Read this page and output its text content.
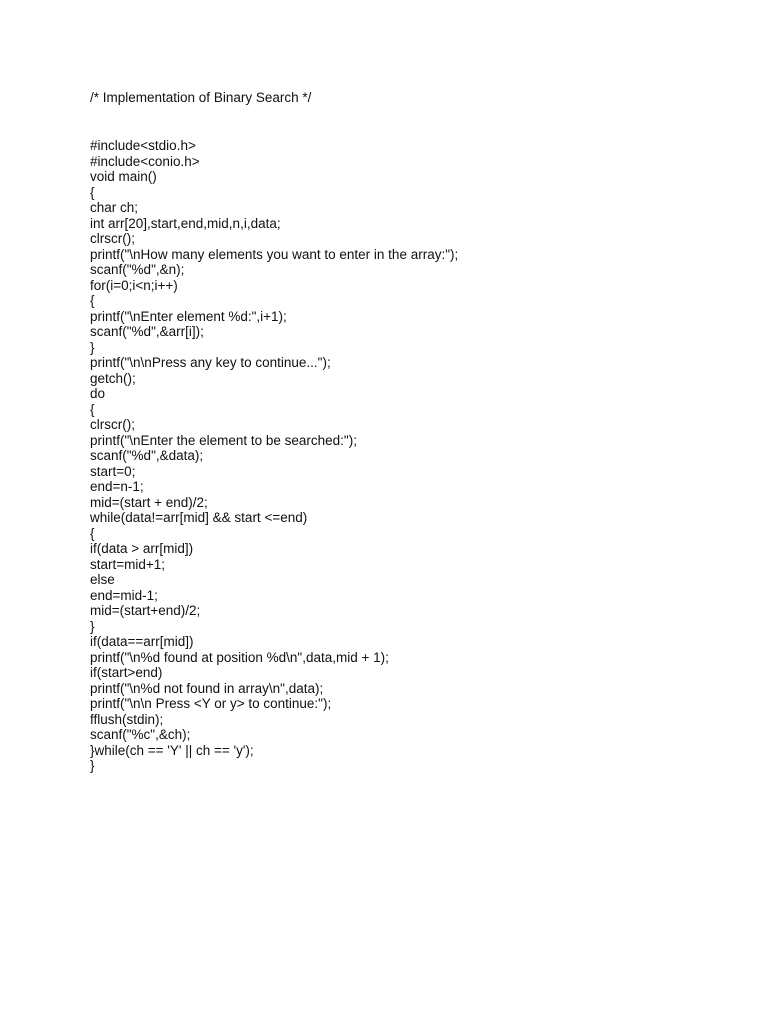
/* Implementation of Binary Search */

#include<stdio.h>
#include<conio.h>
void main()
{
char ch;
int arr[20],start,end,mid,n,i,data;
clrscr();
printf("\nHow many elements you want to enter in the array:");
scanf("%d",&n);
for(i=0;i<n;i++)
{
printf("\nEnter element %d:",i+1);
scanf("%d",&arr[i]);
}
printf("\n\nPress any key to continue...");
getch();
do
{
clrscr();
printf("\nEnter the element to be searched:");
scanf("%d",&data);
start=0;
end=n-1;
mid=(start + end)/2;
while(data!=arr[mid] && start <=end)
{
if(data > arr[mid])
start=mid+1;
else
end=mid-1;
mid=(start+end)/2;
}
if(data==arr[mid])
printf("\n%d found at position %d\n",data,mid + 1);
if(start>end)
printf("\n%d not found in array\n",data);
printf("\n\n Press <Y or y> to continue:");
fflush(stdin);
scanf("%c",&ch);
}while(ch == 'Y' || ch == 'y');
}
